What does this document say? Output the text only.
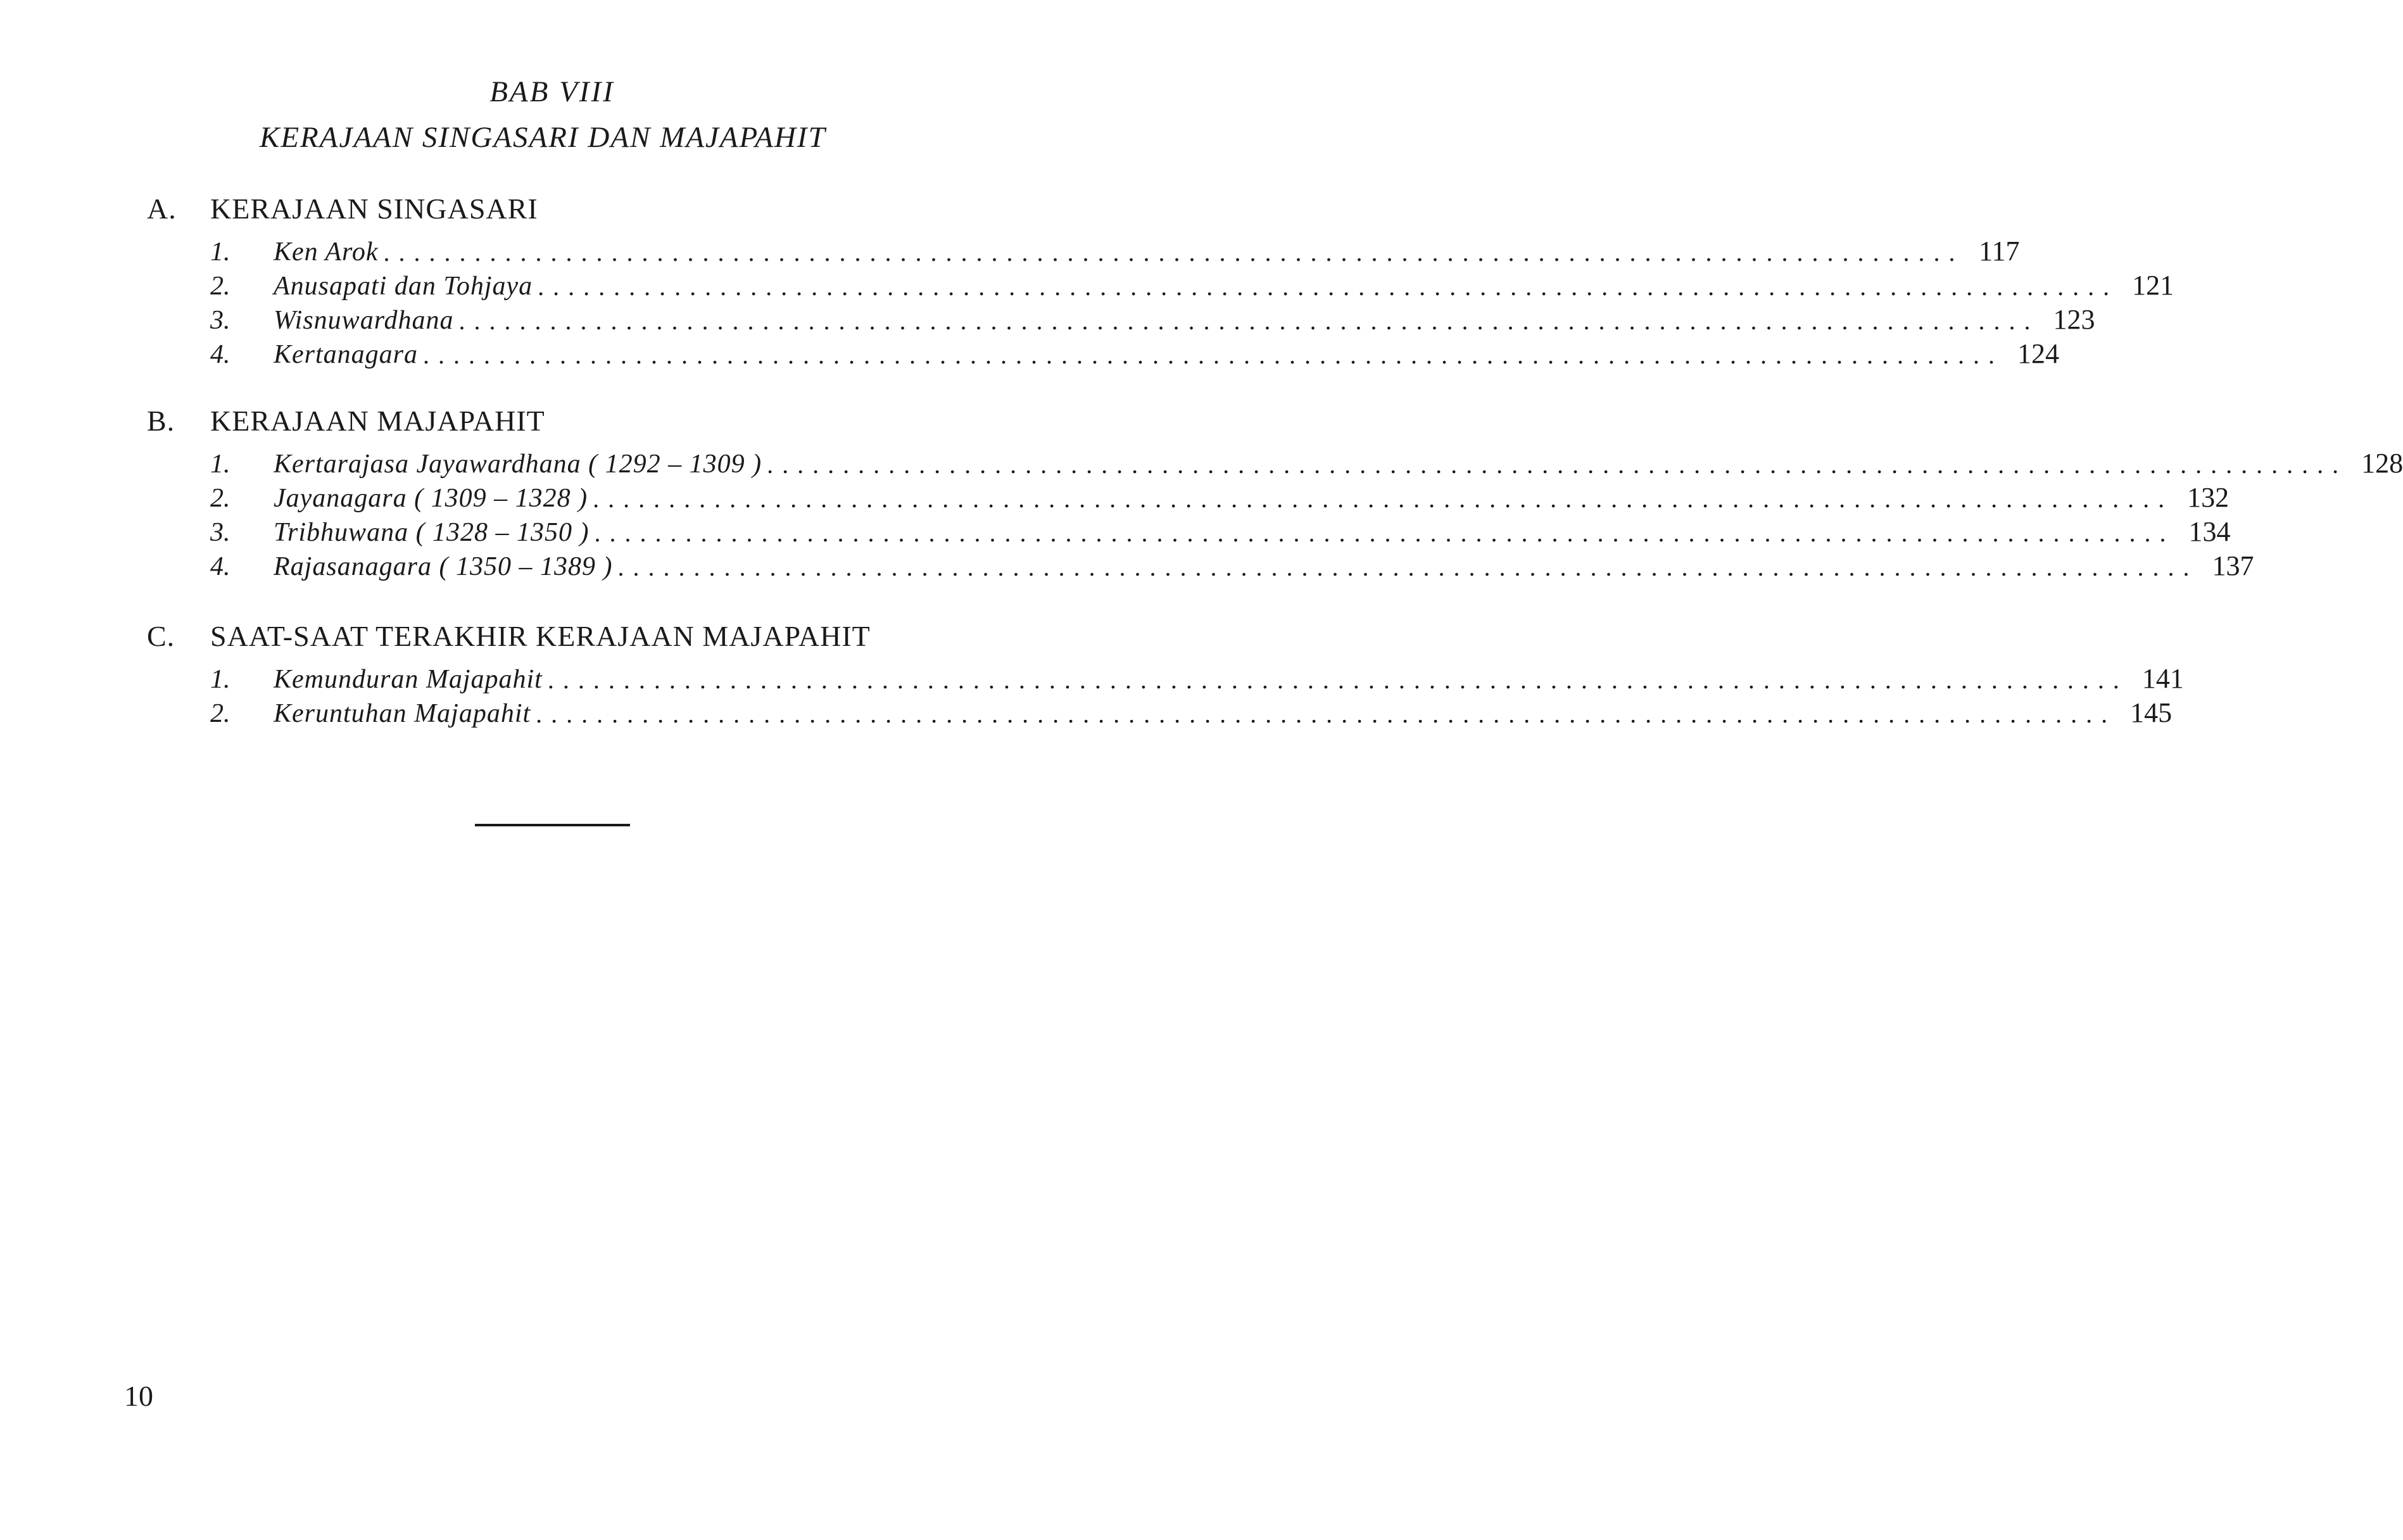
BAB VIII
KERAJAAN SINGASARI DAN MAJAPAHIT
A.	KERAJAAN SINGASARI
1.	Ken Arok ........................................................................................................ 117
2.	Anusapati dan Tohjaya ........................................................................................................ 121
3.	Wisnuwardhana ........................................................................................................ 123
4.	Kertanagara ........................................................................................................ 124
B.	KERAJAAN MAJAPAHIT
1.	Kertarajasa Jayawardhana ( 1292 – 1309 ) ........................................................................................................ 128
2.	Jayanagara ( 1309 – 1328 ) ........................................................................................................ 132
3.	Tribhuwana ( 1328 – 1350 ) ........................................................................................................ 134
4.	Rajasanagara ( 1350 – 1389 ) ........................................................................................................ 137
C.	SAAT-SAAT TERAKHIR KERAJAAN MAJAPAHIT
1.	Kemunduran Majapahit ........................................................................................................ 141
2.	Keruntuhan Majapahit ........................................................................................................ 145
10
